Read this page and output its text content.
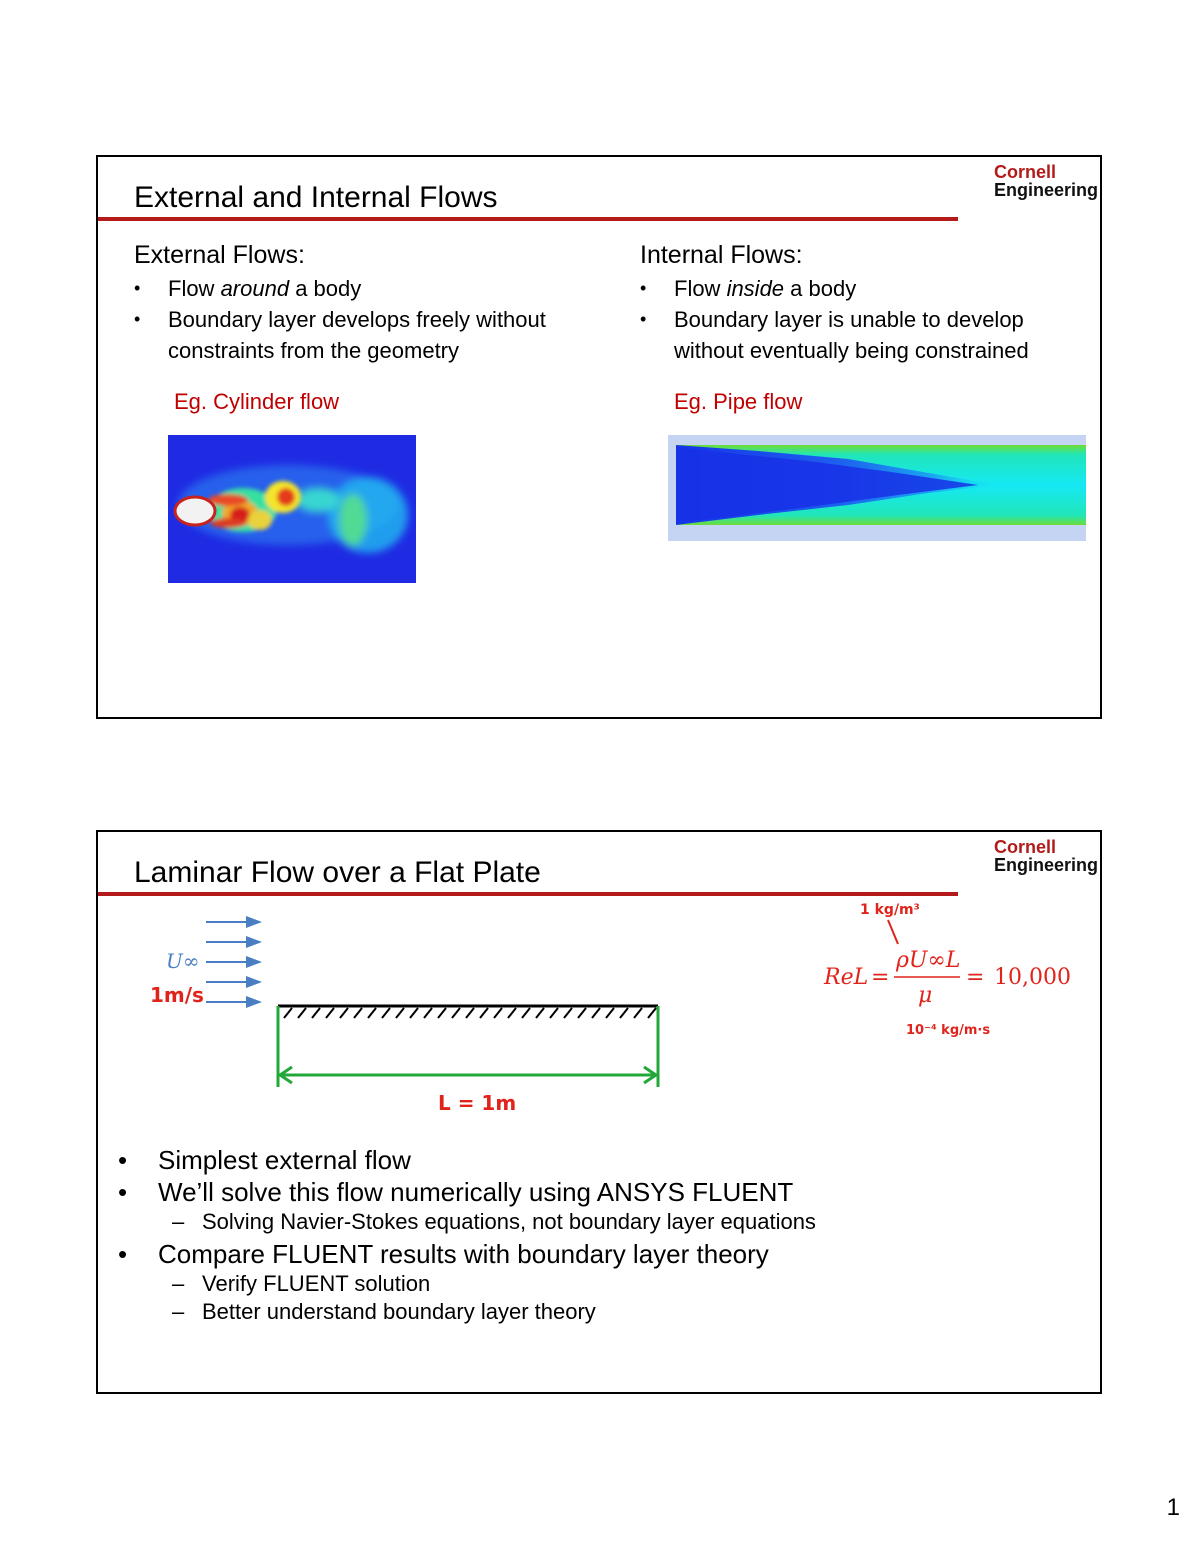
Cornell
Engineering
External and Internal Flows
External Flows:
• Flow around a body
• Boundary layer develops freely without constraints from the geometry
Eg. Cylinder flow
Internal Flows:
• Flow inside a body
• Boundary layer is unable to develop without eventually being constrained
Eg. Pipe flow
Cornell
Engineering
Laminar Flow over a Flat Plate
U∞
1m/s
L = 1m
ReL =
ρU∞L
μ
= 10,000
1 kg/m³
10⁻⁴ kg/m·s
• Simplest external flow
• We’ll solve this flow numerically using ANSYS FLUENT
– Solving Navier-Stokes equations, not boundary layer equations
• Compare FLUENT results with boundary layer theory
– Verify FLUENT solution
– Better understand boundary layer theory
1
